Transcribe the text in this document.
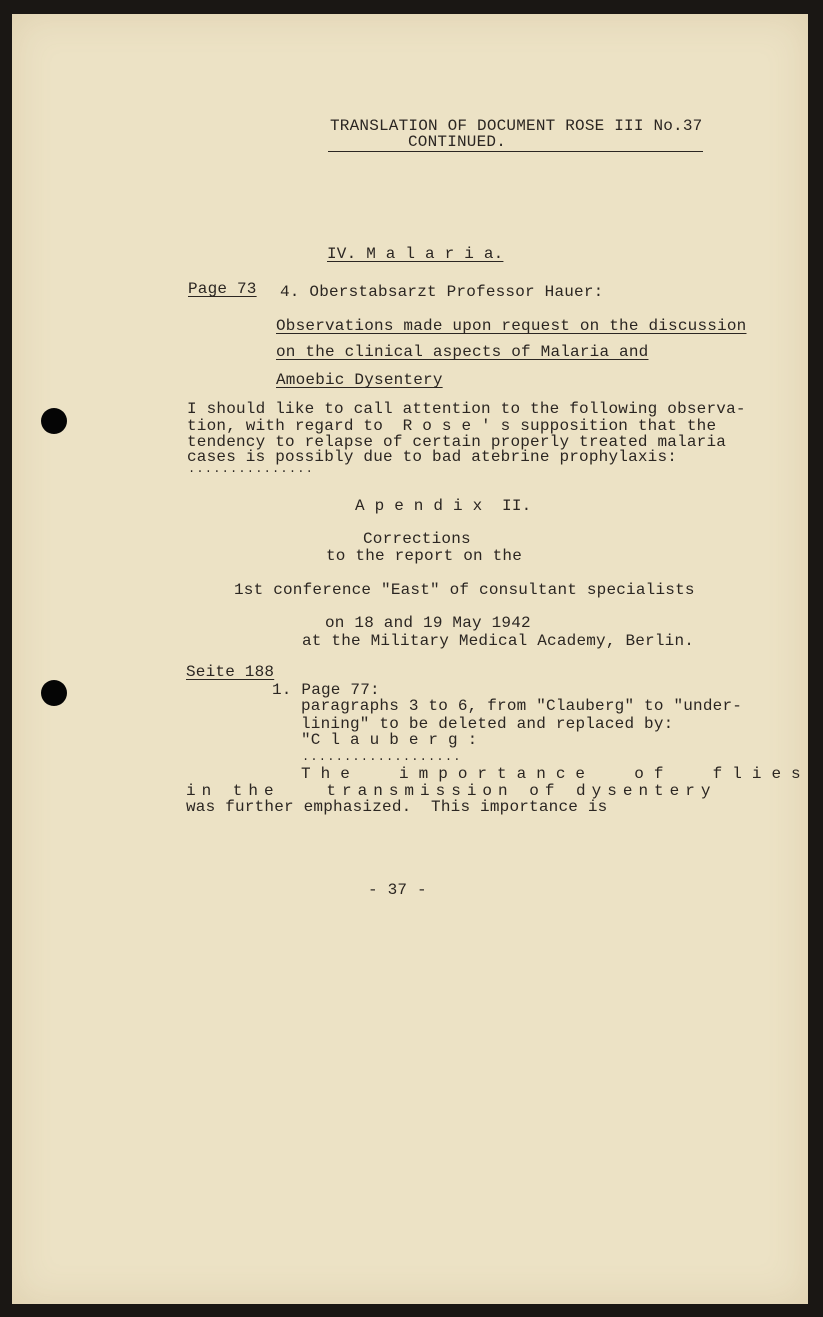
TRANSLATION OF DOCUMENT ROSE III No.37
CONTINUED.
IV. M a l a r i a.
Page 73 4. Oberstabsarzt Professor Hauer:
Observations made upon request on the discussion
on the clinical aspects of Malaria and
Amoebic Dysentery
I should like to call attention to the following observa-
tion, with regard to  R o s e ' s supposition that the
tendency to relapse of certain properly treated malaria
cases is possibly due to bad atebrine prophylaxis:
...............
A p e n d i x  II.
Corrections
to the report on the
1st conference "East" of consultant specialists
on 18 and 19 May 1942
at the Military Medical Academy, Berlin.
Seite 188
1. Page 77:
paragraphs 3 to 6, from "Clauberg" to "under-
lining" to be deleted and replaced by:
"C l a u b e r g :
...................
The  importance  of  flies
in the   transmission of dysentery
was further emphasized.  This importance is
- 37 -
